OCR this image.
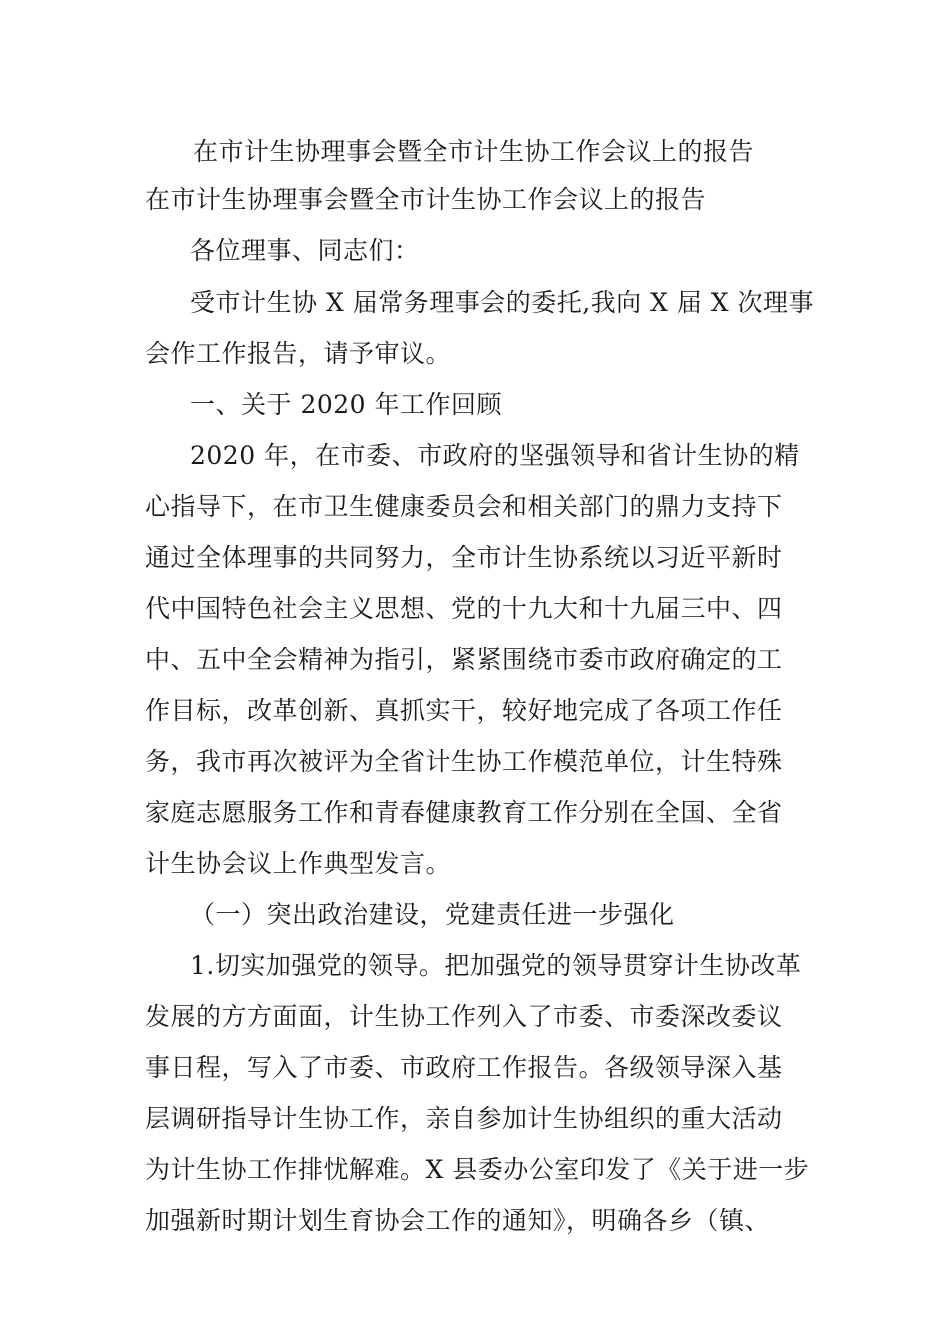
在市计生协理事会暨全市计生协工作会议上的报告
在市计生协理事会暨全市计生协工作会议上的报告
各位理事、同志们：
受市计生协 X 届常务理事会的委托,我向 X 届 X 次理事
会作工作报告，请予审议。
一、关于 2020 年工作回顾
2020 年，在市委、市政府的坚强领导和省计生协的精
心指导下，在市卫生健康委员会和相关部门的鼎力支持下
通过全体理事的共同努力，全市计生协系统以习近平新时
代中国特色社会主义思想、党的十九大和十九届三中、四
中、五中全会精神为指引，紧紧围绕市委市政府确定的工
作目标，改革创新、真抓实干，较好地完成了各项工作任
务，我市再次被评为全省计生协工作模范单位，计生特殊
家庭志愿服务工作和青春健康教育工作分别在全国、全省
计生协会议上作典型发言。
（一）突出政治建设，党建责任进一步强化
1.切实加强党的领导。把加强党的领导贯穿计生协改革
发展的方方面面，计生协工作列入了市委、市委深改委议
事日程，写入了市委、市政府工作报告。各级领导深入基
层调研指导计生协工作，亲自参加计生协组织的重大活动
为计生协工作排忧解难。X 县委办公室印发了《关于进一步
加强新时期计划生育协会工作的通知》，明确各乡（镇、
